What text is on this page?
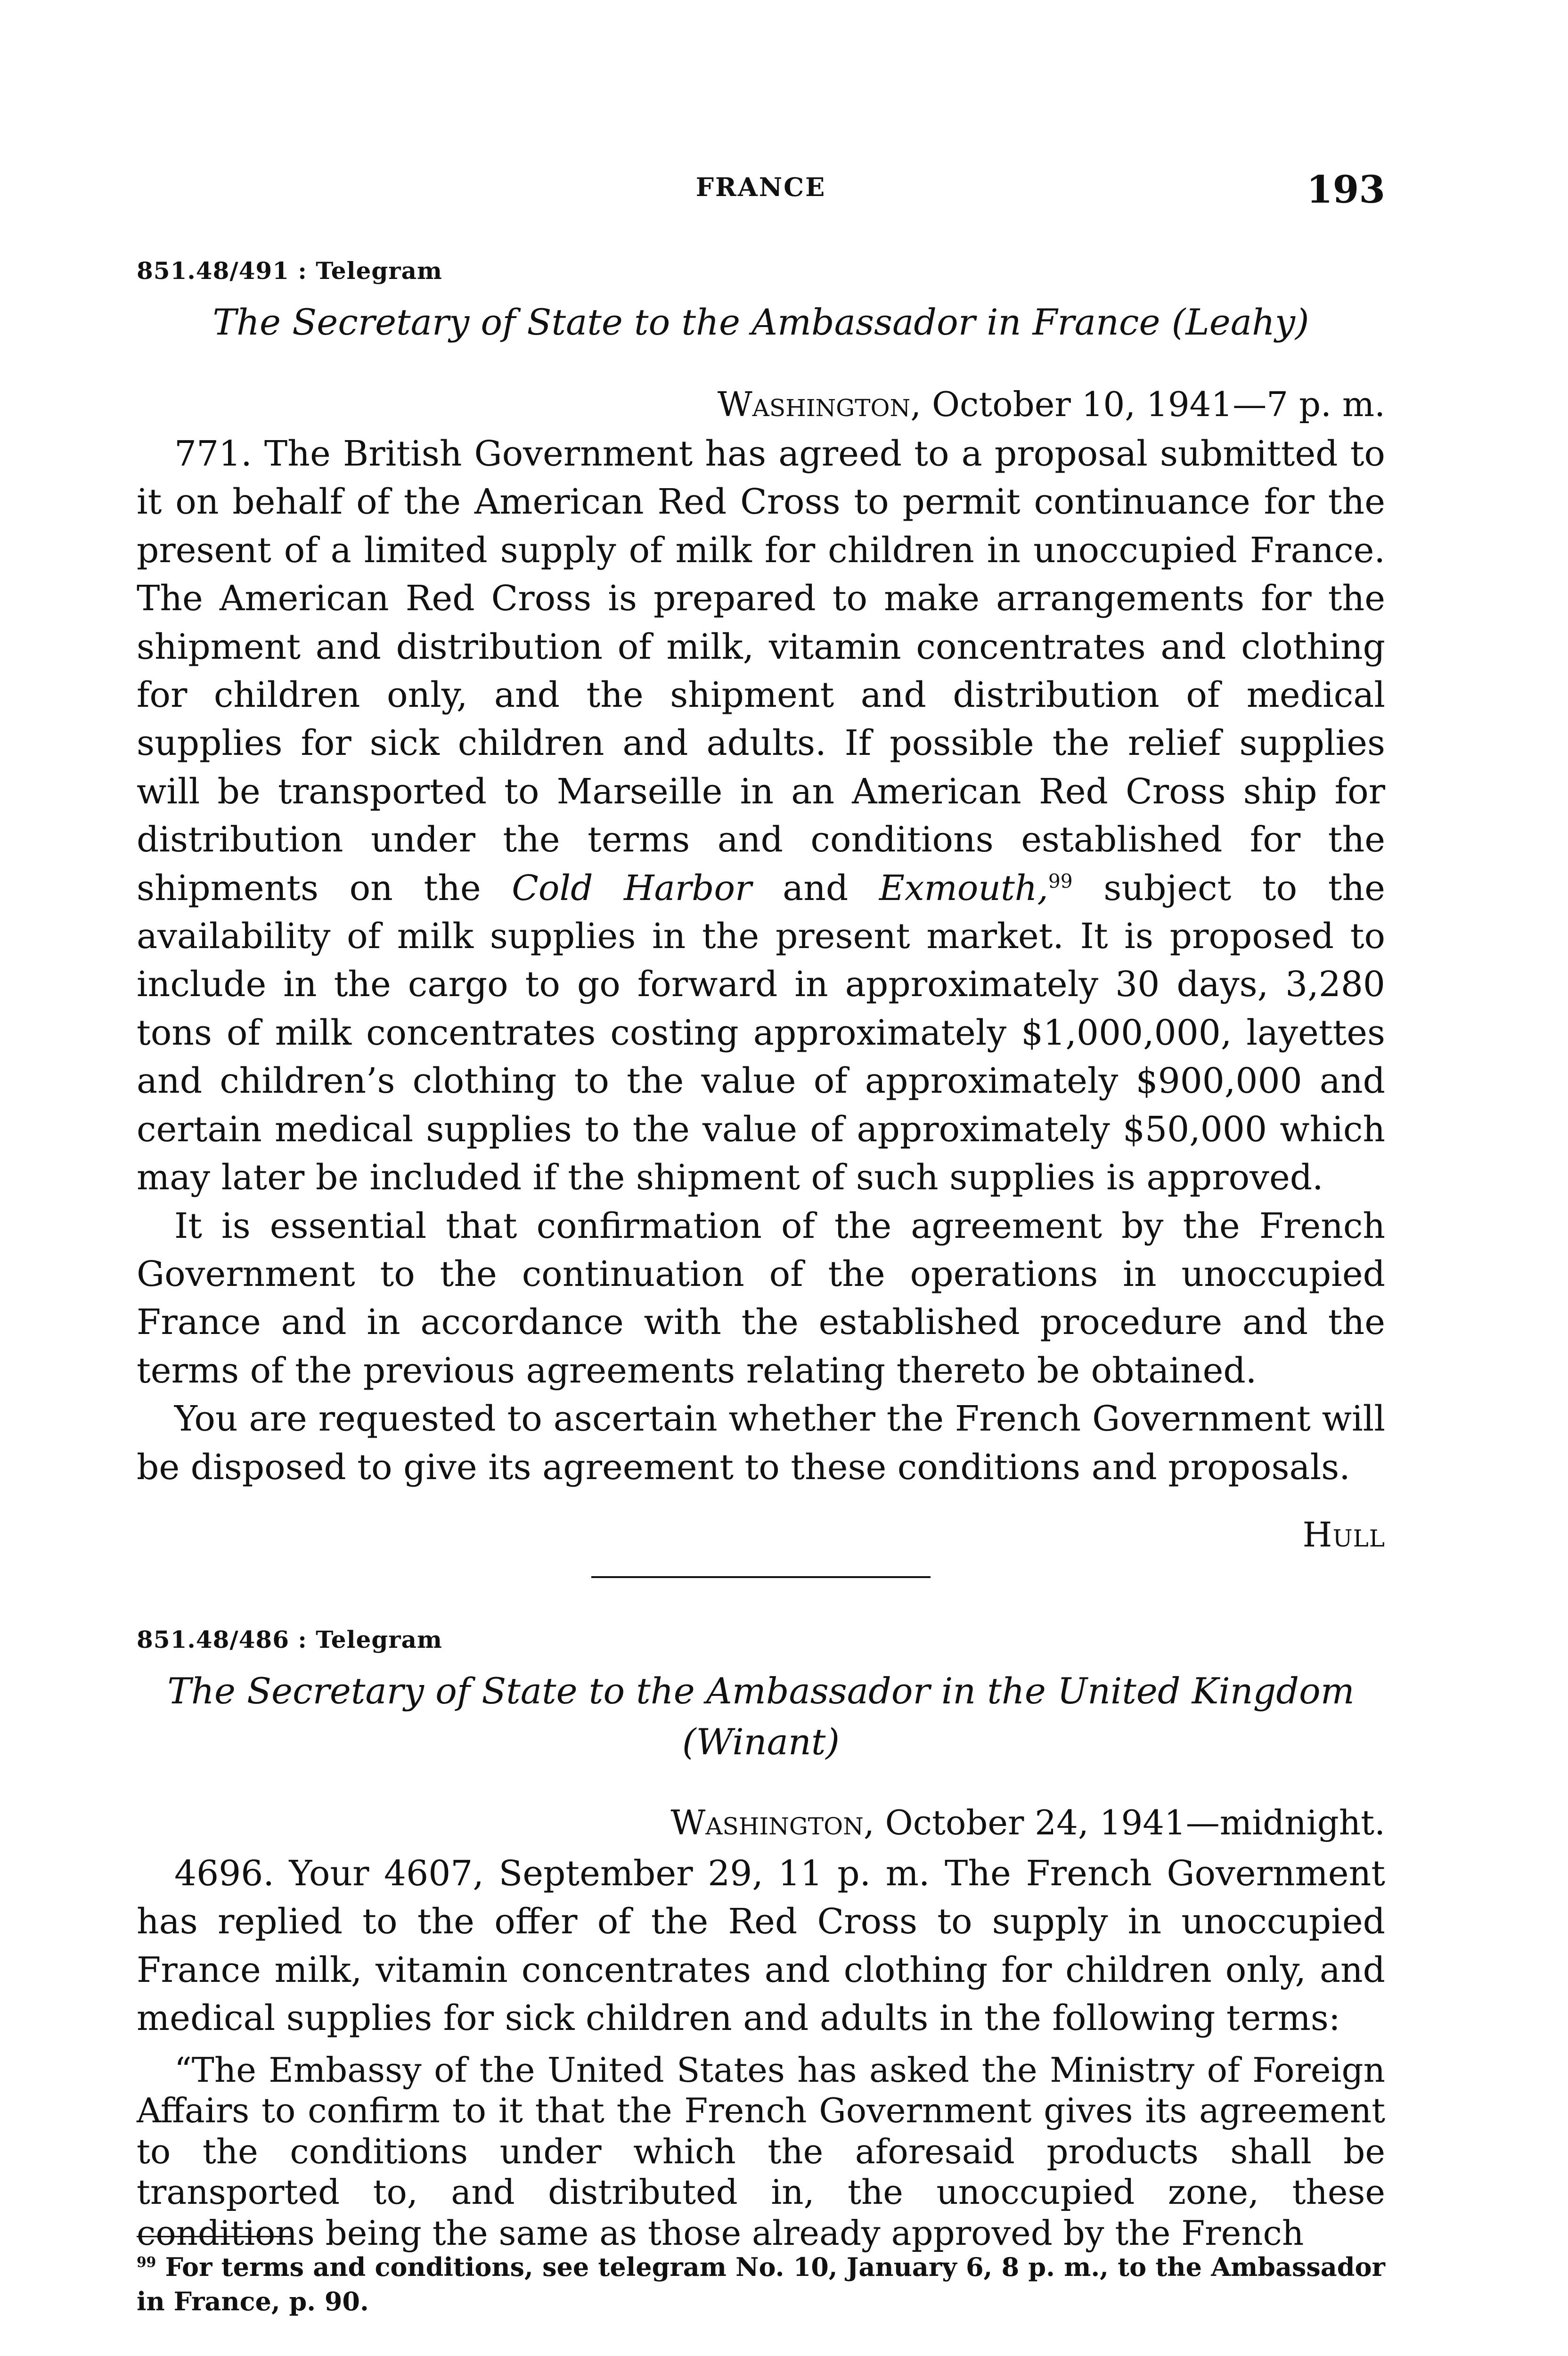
FRANCE	193
851.48/491 : Telegram
The Secretary of State to the Ambassador in France (Leahy)
Washington, October 10, 1941—7 p. m.

771. The British Government has agreed to a proposal submitted to it on behalf of the American Red Cross to permit continuance for the present of a limited supply of milk for children in unoccupied France. The American Red Cross is prepared to make arrangements for the shipment and distribution of milk, vitamin concentrates and clothing for children only, and the shipment and distribution of medical supplies for sick children and adults. If possible the relief supplies will be transported to Marseille in an American Red Cross ship for distribution under the terms and conditions established for the shipments on the Cold Harbor and Exmouth,$^{99}$ subject to the availability of milk supplies in the present market. It is proposed to include in the cargo to go forward in approximately 30 days, 3,280 tons of milk concentrates costing approximately $1,000,000, layettes and children’s clothing to the value of approximately $900,000 and certain medical supplies to the value of approximately $50,000 which may later be included if the shipment of such supplies is approved.

It is essential that confirmation of the agreement by the French Government to the continuation of the operations in unoccupied France and in accordance with the established procedure and the terms of the previous agreements relating thereto be obtained.

You are requested to ascertain whether the French Government will be disposed to give its agreement to these conditions and proposals.

Hull
851.48/486 : Telegram
The Secretary of State to the Ambassador in the United Kingdom
(Winant)
Washington, October 24, 1941—midnight.

4696. Your 4607, September 29, 11 p. m. The French Government has replied to the offer of the Red Cross to supply in unoccupied France milk, vitamin concentrates and clothing for children only, and medical supplies for sick children and adults in the following terms:

“The Embassy of the United States has asked the Ministry of Foreign Affairs to confirm to it that the French Government gives its agreement to the conditions under which the aforesaid products shall be transported to, and distributed in, the unoccupied zone, these conditions being the same as those already approved by the French

$^{99}$ For terms and conditions, see telegram No. 10, January 6, 8 p. m., to the Ambassador in France, p. 90.
